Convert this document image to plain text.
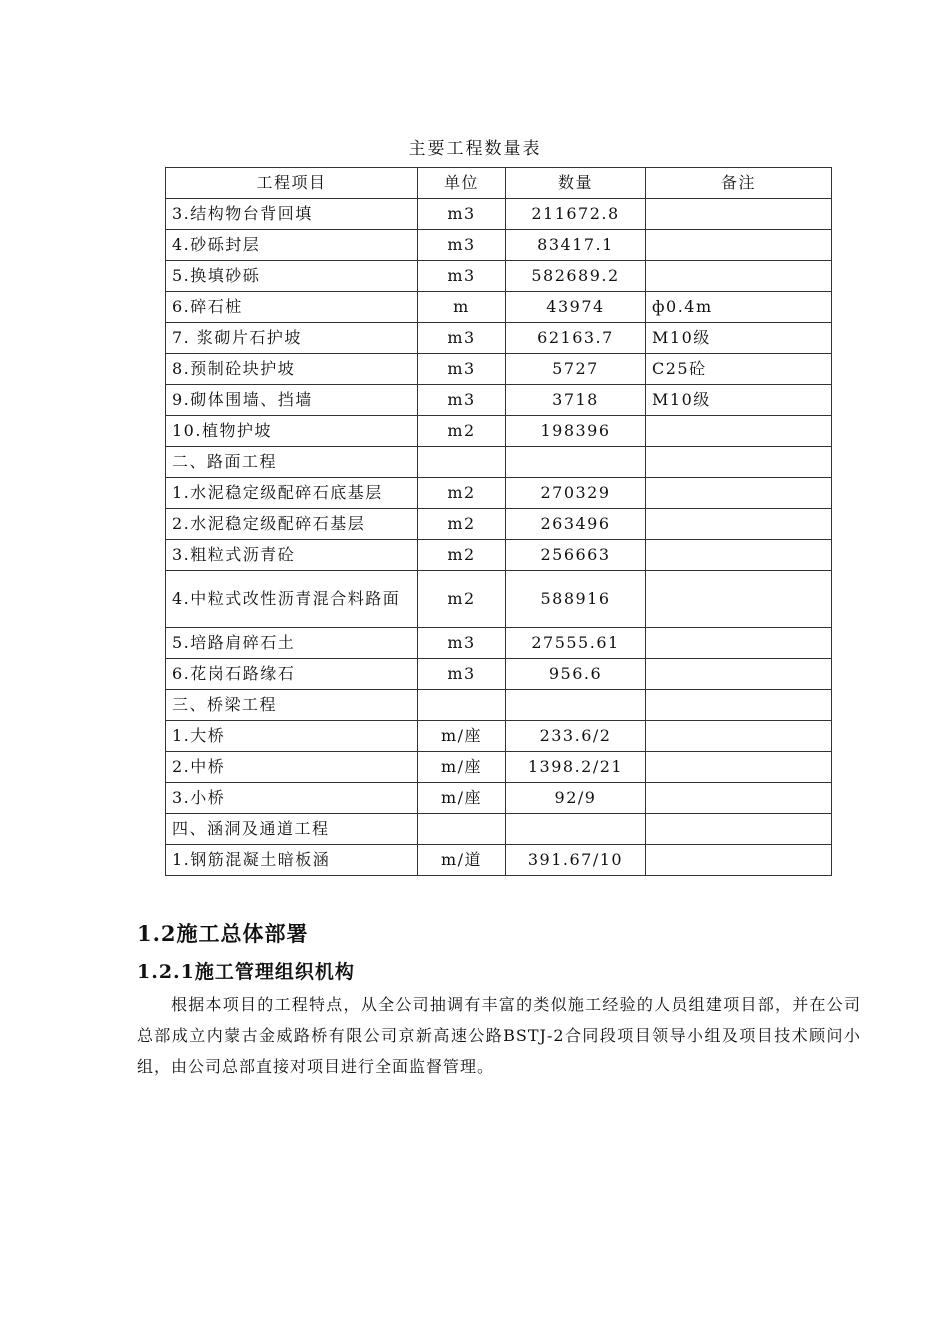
主要工程数量表
工程项目	单位	数量	备注
3.结构物台背回填	m3	211672.8	
4.砂砾封层	m3	83417.1	
5.换填砂砾	m3	582689.2	
6.碎石桩	m	43974	ф0.4m
7. 浆砌片石护坡	m3	62163.7	M10级
8.预制砼块护坡	m3	5727	C25砼
9.砌体围墙、挡墙	m3	3718	M10级
10.植物护坡	m2	198396	
二、路面工程			
1.水泥稳定级配碎石底基层	m2	270329	
2.水泥稳定级配碎石基层	m2	263496	
3.粗粒式沥青砼	m2	256663	
4.中粒式改性沥青混合料路面	m2	588916	
5.培路肩碎石土	m3	27555.61	
6.花岗石路缘石	m3	956.6	
三、桥梁工程			
1.大桥	m/座	233.6/2	
2.中桥	m/座	1398.2/21	
3.小桥	m/座	92/9	
四、涵洞及通道工程			
1.钢筋混凝土暗板涵	m/道	391.67/10	
1.2施工总体部署
1.2.1施工管理组织机构
根据本项目的工程特点，从全公司抽调有丰富的类似施工经验的人员组建项目部，并在公司总部成立内蒙古金威路桥有限公司京新高速公路BSTJ-2合同段项目领导小组及项目技术顾问小组，由公司总部直接对项目进行全面监督管理。
